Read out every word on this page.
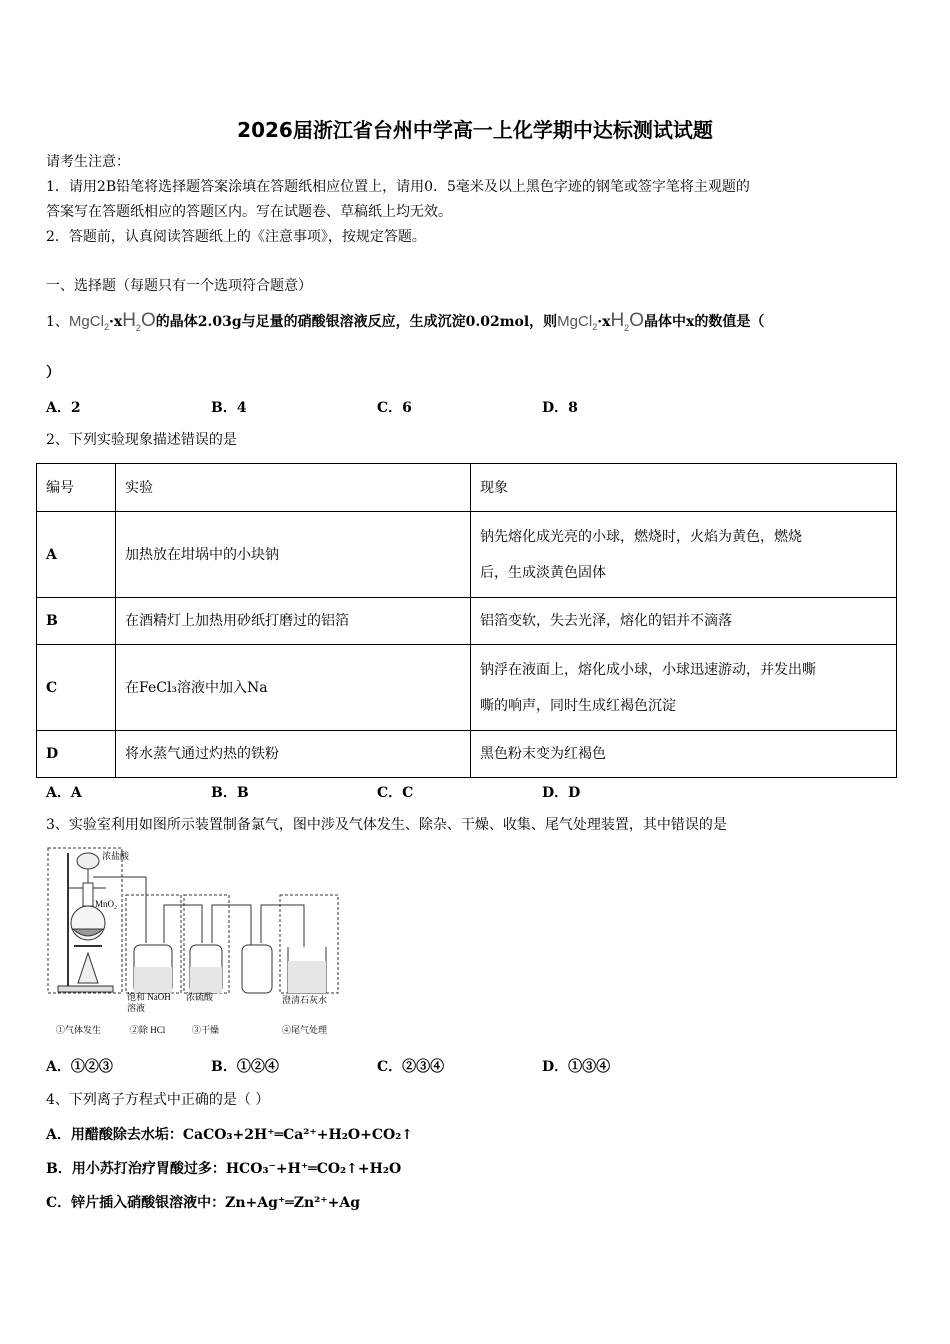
2026届浙江省台州中学高一上化学期中达标测试试题
请考生注意：
1．请用2B铅笔将选择题答案涂填在答题纸相应位置上，请用0．5毫米及以上黑色字迹的钢笔或签字笔将主观题的
答案写在答题纸相应的答题区内。写在试题卷、草稿纸上均无效。
2．答题前，认真阅读答题纸上的《注意事项》，按规定答题。
一、选择题（每题只有一个选项符合题意）
1、$MgCl_2\cdot xH_2O$的晶体2.03g与足量的硝酸银溶液反应，生成沉淀0.02mol，则$MgCl_2\cdot xH_2O$晶体中x的数值是（
）
A．2	B．4	C．6	D．8
2、下列实验现象描述错误的是
编号	实验	现象
A	加热放在坩埚中的小块钠	钠先熔化成光亮的小球，燃烧时，火焰为黄色，燃烧
后，生成淡黄色固体

B	在酒精灯上加热用砂纸打磨过的铝箔	铝箔变软，失去光泽，熔化的铝并不滴落
C	在FeCl₃溶液中加入Na	钠浮在液面上，熔化成小球，小球迅速游动，并发出嘶
嘶的响声，同时生成红褐色沉淀

D	将水蒸气通过灼热的铁粉	黑色粉末变为红褐色
A．A	B．B	C．C	D．D
3、实验室利用如图所示装置制备氯气，图中涉及气体发生、除杂、干燥、收集、尾气处理装置，其中错误的是
浓盐酸
MnO₂
饱和 NaOH
溶液
浓硫酸	澄清石灰水
①气体发生	②除 HCl	③干燥	④尾气处理
A．①②③	B．①②④	C．②③④	D．①③④
4、下列离子方程式中正确的是（ ）
A．用醋酸除去水垢：CaCO₃+2H⁺═Ca²⁺+H₂O+CO₂↑
B．用小苏打治疗胃酸过多：HCO₃⁻+H⁺═CO₂↑+H₂O
C．锌片插入硝酸银溶液中：Zn+Ag⁺═Zn²⁺+Ag
